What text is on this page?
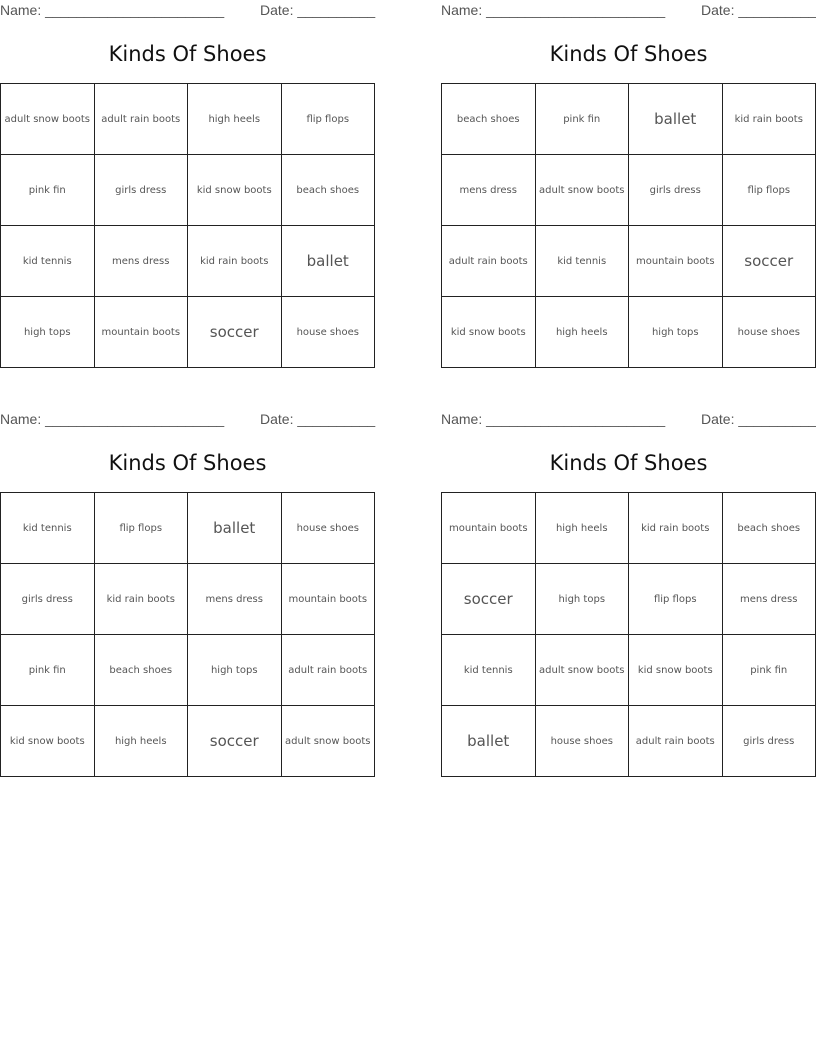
Name: _______________________	Date: __________
Kinds Of Shoes
adult snow boots	adult rain boots	high heels	flip flops
pink fin	girls dress	kid snow boots	beach shoes
kid tennis	mens dress	kid rain boots	ballet
high tops	mountain boots	soccer	house shoes
Name: _______________________	Date: __________
Kinds Of Shoes
beach shoes	pink fin	ballet	kid rain boots
mens dress	adult snow boots	girls dress	flip flops
adult rain boots	kid tennis	mountain boots	soccer
kid snow boots	high heels	high tops	house shoes
Name: _______________________	Date: __________
Kinds Of Shoes
kid tennis	flip flops	ballet	house shoes
girls dress	kid rain boots	mens dress	mountain boots
pink fin	beach shoes	high tops	adult rain boots
kid snow boots	high heels	soccer	adult snow boots
Name: _______________________	Date: __________
Kinds Of Shoes
mountain boots	high heels	kid rain boots	beach shoes
soccer	high tops	flip flops	mens dress
kid tennis	adult snow boots	kid snow boots	pink fin
ballet	house shoes	adult rain boots	girls dress
